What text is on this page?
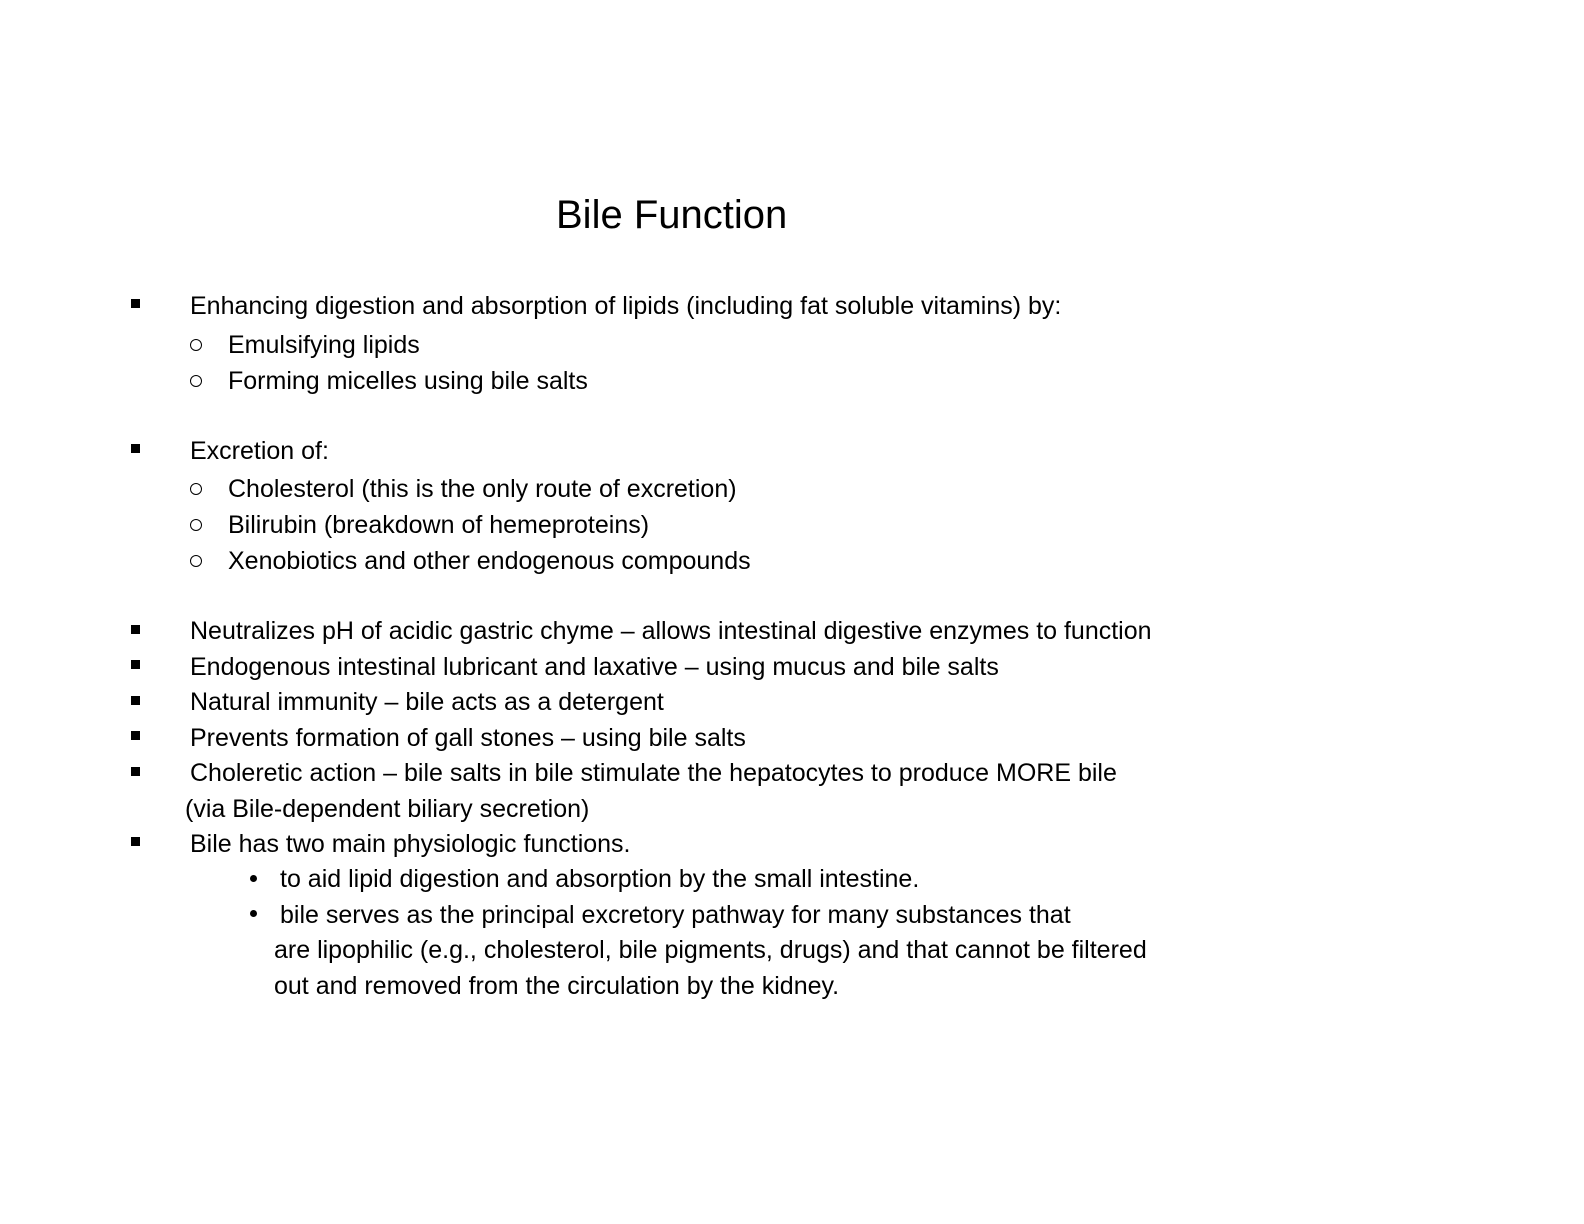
Bile Function
Enhancing digestion and absorption of lipids (including fat soluble vitamins) by:
Emulsifying lipids
Forming micelles using bile salts
Excretion of:
Cholesterol (this is the only route of excretion)
Bilirubin (breakdown of hemeproteins)
Xenobiotics and other endogenous compounds
Neutralizes pH of acidic gastric chyme – allows intestinal digestive enzymes to function
Endogenous intestinal lubricant and laxative – using mucus and bile salts
Natural immunity – bile acts as a detergent
Prevents formation of gall stones – using bile salts
Choleretic action – bile salts in bile stimulate the hepatocytes to produce MORE bile
(via Bile-dependent biliary secretion)
Bile has two main physiologic functions.
to aid lipid digestion and absorption by the small intestine.
bile serves as the principal excretory pathway for many substances that
are lipophilic (e.g., cholesterol, bile pigments, drugs) and that cannot be filtered
out and removed from the circulation by the kidney.
